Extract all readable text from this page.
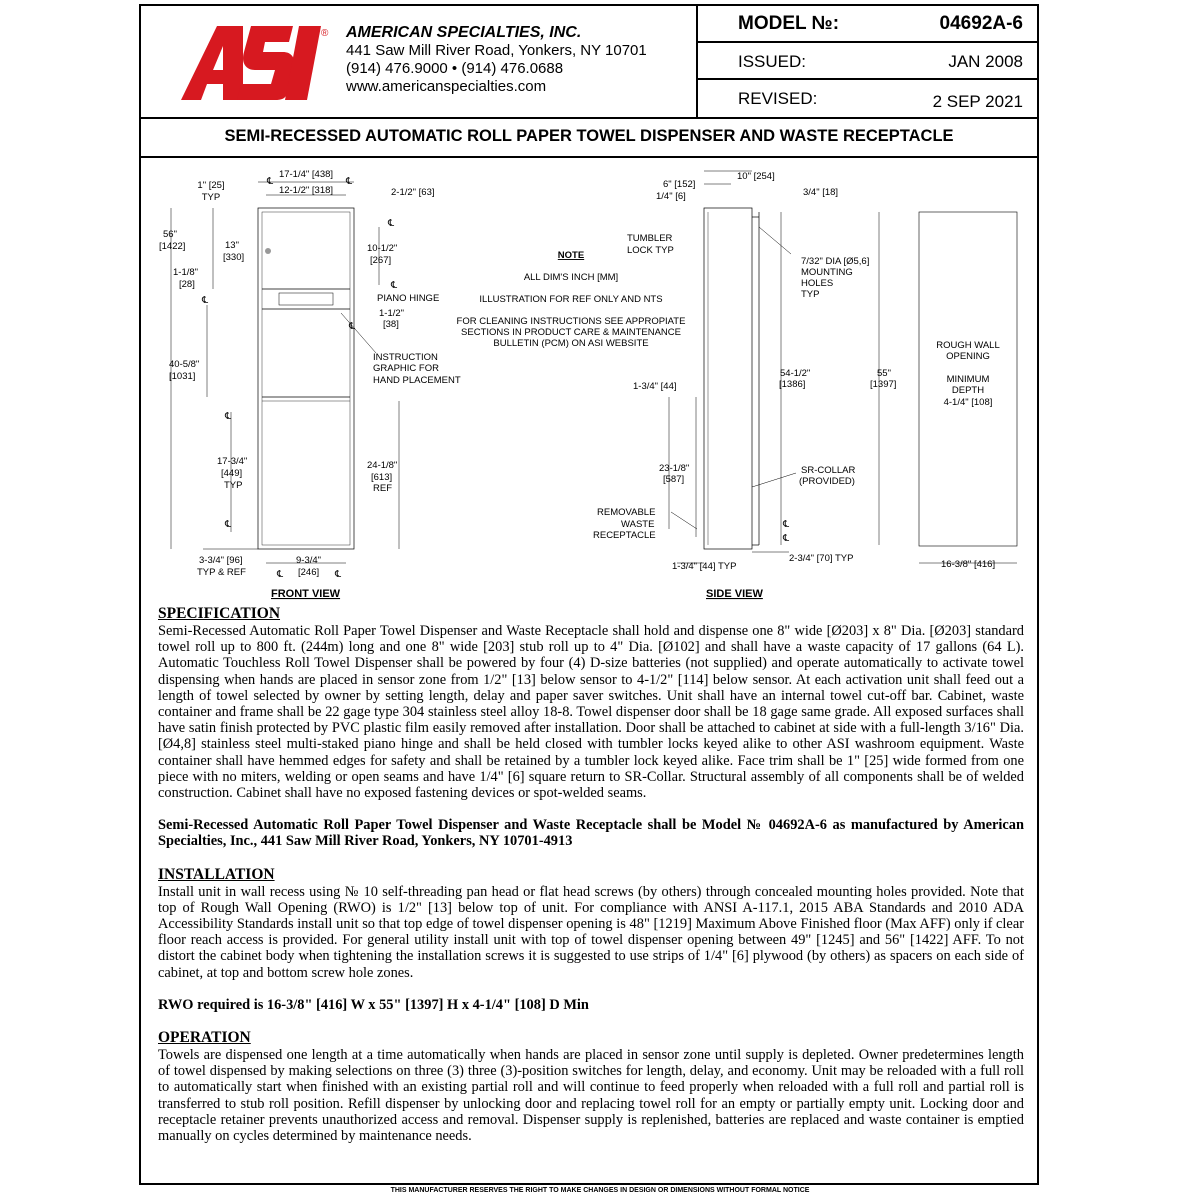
®
ASI	AMERICAN SPECIALTIES, INC.
441 Saw Mill River Road, Yonkers, NY 10701
(914) 476.9000 • (914) 476.0688
www.americanspecialties.com
MODEL №:	04692A-6
ISSUED:	JAN 2008
REVISED:	2 SEP 2021
SEMI-RECESSED AUTOMATIC ROLL PAPER TOWEL DISPENSER AND WASTE RECEPTACLE
17-1/4" [438]
12-1/2" [318]
1" [25]
TYP	2-1/2" [63]
56"
[1422]	13"
[330]
10-1/2"
[267]
1-1/8"
[28]
PIANO HINGE
1-1/2"
[38]
INSTRUCTION
GRAPHIC FOR
HAND PLACEMENT
40-5/8"
[1031]
17-3/4"
[449]
TYP
24-1/8"
[613]
REF
3-3/4" [96]
TYP & REF
9-3/4"
[246]
FRONT VIEW
℄	℄
℄
℄
℄
℄
℄
℄
℄	℄
NOTE
ALL DIM'S INCH [MM]
ILLUSTRATION FOR REF ONLY AND NTS
FOR CLEANING INSTRUCTIONS SEE APPROPIATE
SECTIONS IN PRODUCT CARE & MAINTENANCE
BULLETIN (PCM) ON ASI WEBSITE
10" [254]
6" [152]
1/4" [6]	3/4" [18]
TUMBLER
LOCK TYP
7/32" DIA [Ø5,6]
MOUNTING
HOLES
TYP
1-3/4" [44]
54-1/2"
[1386]
55"
[1397]
23-1/8"
[587]
SR-COLLAR
(PROVIDED)
REMOVABLE
WASTE
RECEPTACLE
1-3/4" [44] TYP
2-3/4" [70] TYP
ROUGH WALL
OPENING
MINIMUM
DEPTH
4-1/4" [108]
16-3/8" [416]
SIDE VIEW
℄
℄
SPECIFICATION

Semi-Recessed Automatic Roll Paper Towel Dispenser and Waste Receptacle shall hold and dispense one 8" wide [Ø203] x 8" Dia. [Ø203] standard towel roll up to 800 ft. (244m) long and one 8" wide [203] stub roll up to 4" Dia. [Ø102] and shall have a waste capacity of 17 gallons (64 L). Automatic Touchless Roll Towel Dispenser shall be powered by four (4) D-size batteries (not supplied) and operate automatically to activate towel dispensing when hands are placed in sensor zone from 1/2" [13] below sensor to 4-1/2" [114] below sensor. At each activation unit shall feed out a length of towel selected by owner by setting length, delay and paper saver switches. Unit shall have an internal towel cut-off bar. Cabinet, waste container and frame shall be 22 gage type 304 stainless steel alloy 18-8. Towel dispenser door shall be 18 gage same grade. All exposed surfaces shall have satin finish protected by PVC plastic film easily removed after installation. Door shall be attached to cabinet at side with a full-length 3/16" Dia. [Ø4,8] stainless steel multi-staked piano hinge and shall be held closed with tumbler locks keyed alike to other ASI washroom equipment. Waste container shall have hemmed edges for safety and shall be retained by a tumbler lock keyed alike. Face trim shall be 1" [25] wide formed from one piece with no miters, welding or open seams and have 1/4" [6] square return to SR-Collar. Structural assembly of all components shall be of welded construction. Cabinet shall have no exposed fastening devices or spot-welded seams.

Semi-Recessed Automatic Roll Paper Towel Dispenser and Waste Receptacle shall be Model № 04692A-6 as manufactured by American Specialties, Inc., 441 Saw Mill River Road, Yonkers, NY 10701-4913

INSTALLATION

Install unit in wall recess using № 10 self-threading pan head or flat head screws (by others) through concealed mounting holes provided. Note that top of Rough Wall Opening (RWO) is 1/2" [13] below top of unit. For compliance with ANSI A-117.1, 2015 ABA Standards and 2010 ADA Accessibility Standards install unit so that top edge of towel dispenser opening is 48" [1219] Maximum Above Finished floor (Max AFF) only if clear floor reach access is provided. For general utility install unit with top of towel dispenser opening between 49" [1245] and 56" [1422] AFF. To not distort the cabinet body when tightening the installation screws it is suggested to use strips of 1/4" [6] plywood (by others) as spacers on each side of cabinet, at top and bottom screw hole zones.

RWO required is 16-3/8" [416] W x 55" [1397] H x 4-1/4" [108] D Min

OPERATION

Towels are dispensed one length at a time automatically when hands are placed in sensor zone until supply is depleted. Owner predetermines length of towel dispensed by making selections on three (3) three (3)-position switches for length, delay, and economy. Unit may be reloaded with a full roll to automatically start when finished with an existing partial roll and will continue to feed properly when reloaded with a full roll and partial roll is transferred to stub roll position. Refill dispenser by unlocking door and replacing towel roll for an empty or partially empty unit. Locking door and receptacle retainer prevents unauthorized access and removal. Dispenser supply is replenished, batteries are replaced and waste container is emptied manually on cycles determined by maintenance needs.

THIS MANUFACTURER RESERVES THE RIGHT TO MAKE CHANGES IN DESIGN OR DIMENSIONS WITHOUT FORMAL NOTICE
